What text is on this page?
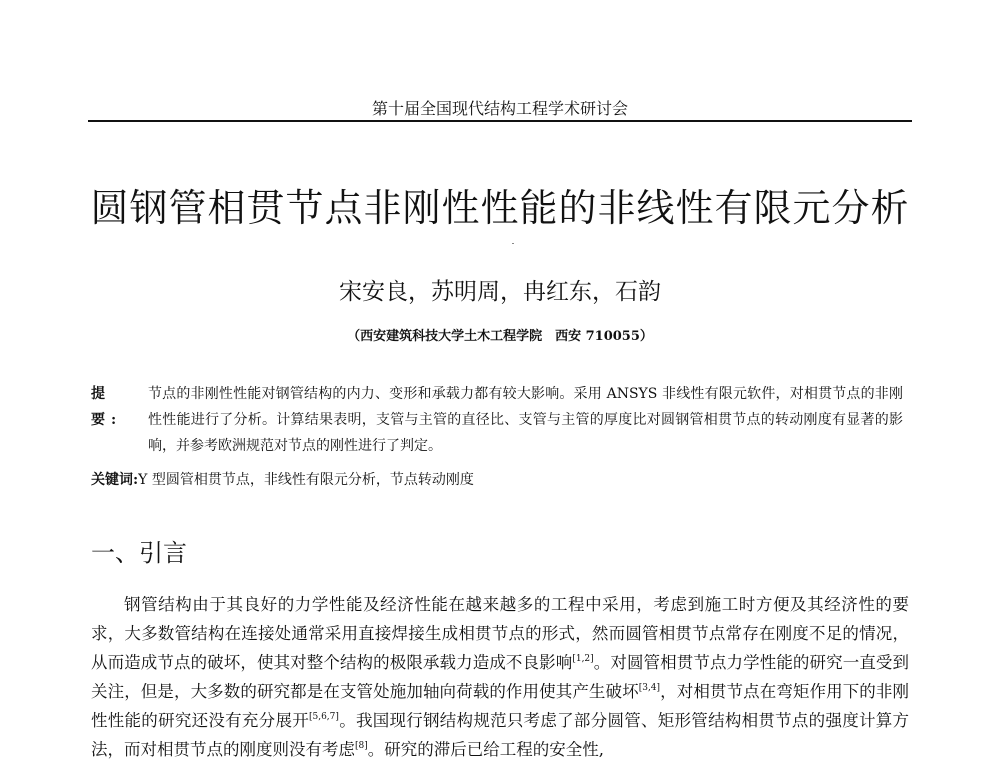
第十届全国现代结构工程学术研讨会
圆钢管相贯节点非刚性性能的非线性有限元分析
宋安良，苏明周，冉红东，石韵
（西安建筑科技大学土木工程学院　西安 710055）
提　要:
节点的非刚性性能对钢管结构的内力、变形和承载力都有较大影响。采用 ANSYS 非线性有限元软件，对相贯节点的非刚性性能进行了分析。计算结果表明，支管与主管的直径比、支管与主管的厚度比对圆钢管相贯节点的转动刚度有显著的影响，并参考欧洲规范对节点的刚性进行了判定。
关键词:Y 型圆管相贯节点，非线性有限元分析，节点转动刚度
一、引言
钢管结构由于其良好的力学性能及经济性能在越来越多的工程中采用，考虑到施工时方便及其经济性的要求，大多数管结构在连接处通常采用直接焊接生成相贯节点的形式，然而圆管相贯节点常存在刚度不足的情况，从而造成节点的破坏，使其对整个结构的极限承载力造成不良影响[1,2]。对圆管相贯节点力学性能的研究一直受到关注，但是，大多数的研究都是在支管处施加轴向荷载的作用使其产生破坏[3,4]，对相贯节点在弯矩作用下的非刚性性能的研究还没有充分展开[5,6,7]。我国现行钢结构规范只考虑了部分圆管、矩形管结构相贯节点的强度计算方法，而对相贯节点的刚度则没有考虑[8]。研究的滞后已给工程的安全性,
